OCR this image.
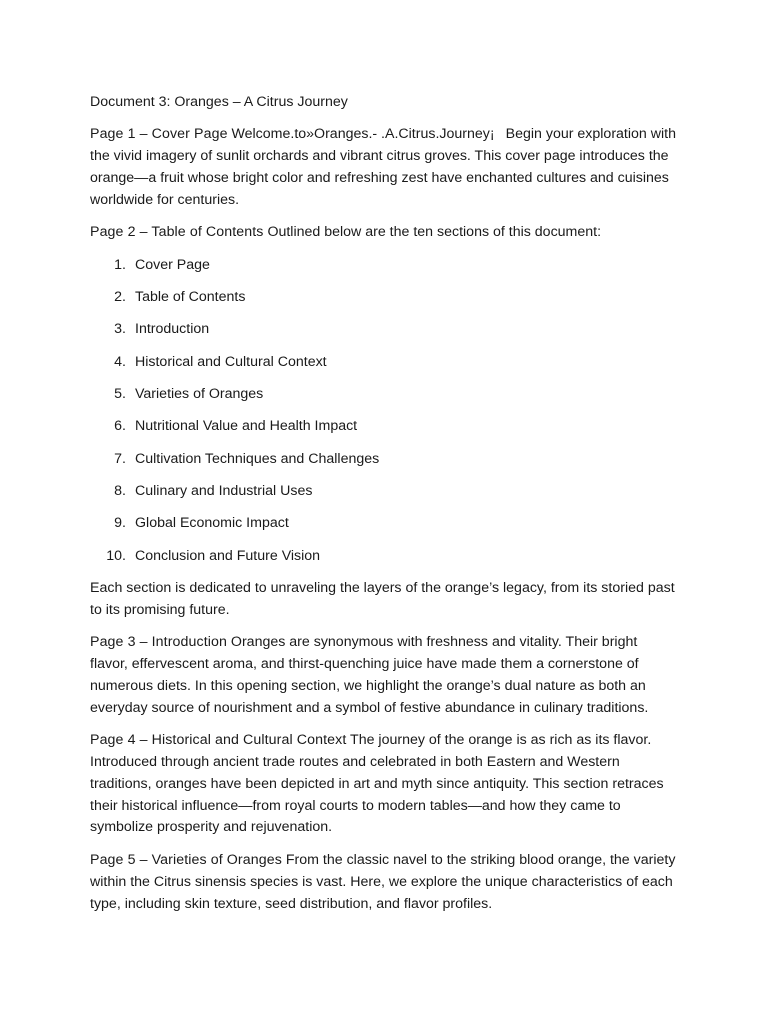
Document 3: Oranges – A Citrus Journey

Page 1 – Cover Page Welcome.to»Oranges.- .A.Citrus.Journey¡  Begin your exploration with the vivid imagery of sunlit orchards and vibrant citrus groves. This cover page introduces the orange—a fruit whose bright color and refreshing zest have enchanted cultures and cuisines worldwide for centuries.

Page 2 – Table of Contents Outlined below are the ten sections of this document:

1. Cover Page
2. Table of Contents
3. Introduction
4. Historical and Cultural Context
5. Varieties of Oranges
6. Nutritional Value and Health Impact
7. Cultivation Techniques and Challenges
8. Culinary and Industrial Uses
9. Global Economic Impact
10. Conclusion and Future Vision

Each section is dedicated to unraveling the layers of the orange’s legacy, from its storied past to its promising future.

Page 3 – Introduction Oranges are synonymous with freshness and vitality. Their bright flavor, effervescent aroma, and thirst-quenching juice have made them a cornerstone of numerous diets. In this opening section, we highlight the orange’s dual nature as both an everyday source of nourishment and a symbol of festive abundance in culinary traditions.

Page 4 – Historical and Cultural Context The journey of the orange is as rich as its flavor. Introduced through ancient trade routes and celebrated in both Eastern and Western traditions, oranges have been depicted in art and myth since antiquity. This section retraces their historical influence—from royal courts to modern tables—and how they came to symbolize prosperity and rejuvenation.

Page 5 – Varieties of Oranges From the classic navel to the striking blood orange, the variety within the Citrus sinensis species is vast. Here, we explore the unique characteristics of each type, including skin texture, seed distribution, and flavor profiles.
